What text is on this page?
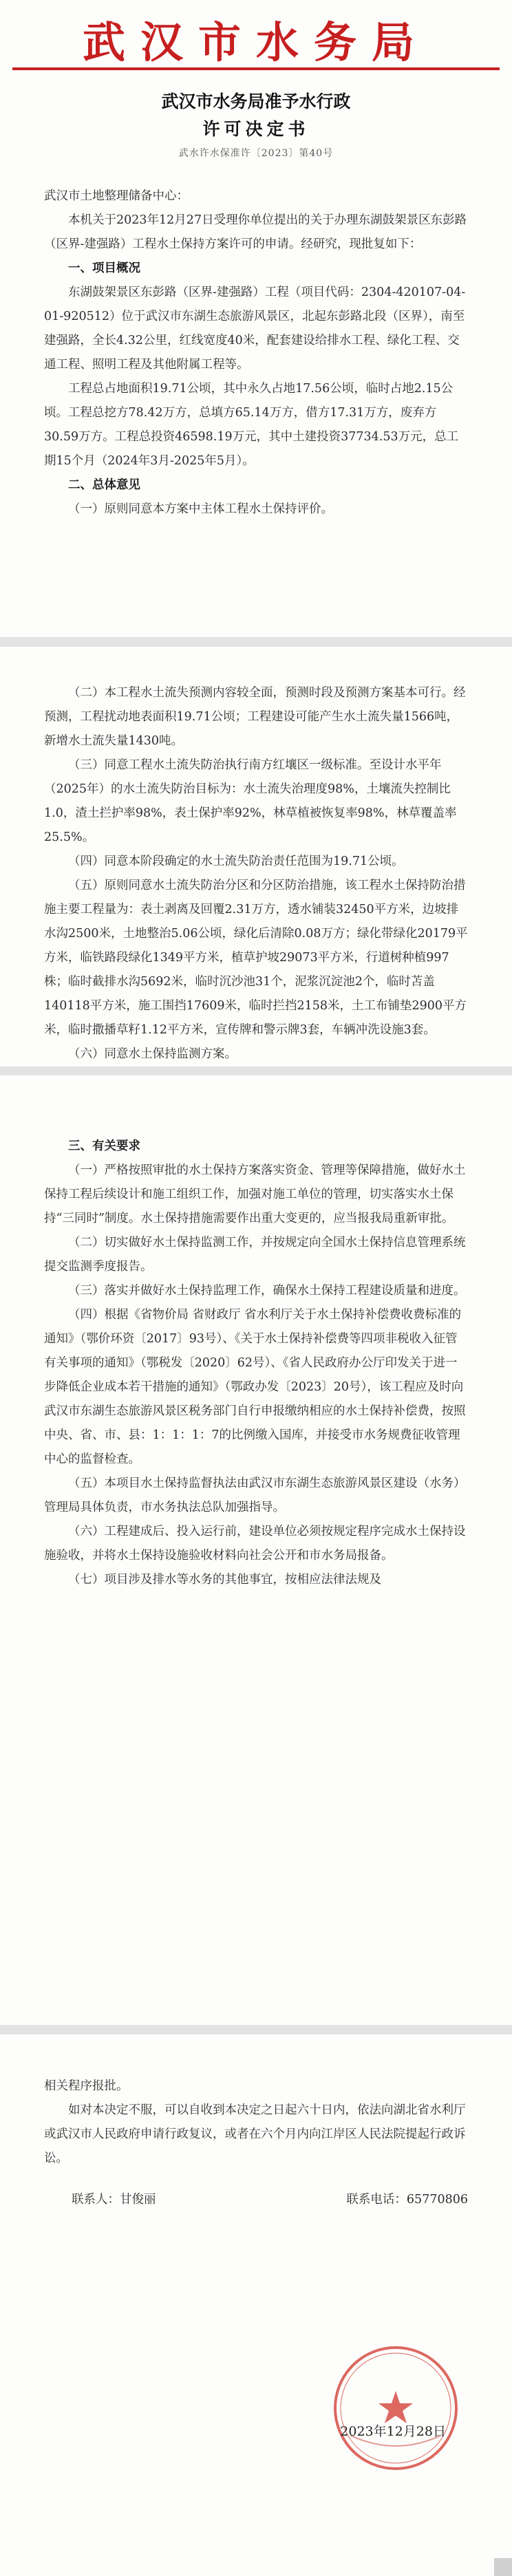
武汉市水务局
武汉市水务局准予水行政
许可决定书
武水许水保准许〔2023〕第40号

武汉市土地整理储备中心：

本机关于2023年12月27日受理你单位提出的关于办理东湖鼓架景区东彭路（区界-建强路）工程水土保持方案许可的申请。经研究，现批复如下：

一、项目概况

东湖鼓架景区东彭路（区界-建强路）工程（项目代码：2304-420107-04-01-920512）位于武汉市东湖生态旅游风景区，北起东彭路北段（区界），南至建强路，全长4.32公里，红线宽度40米，配套建设给排水工程、绿化工程、交通工程、照明工程及其他附属工程等。

工程总占地面积19.71公顷，其中永久占地17.56公顷，临时占地2.15公顷。工程总挖方78.42万方，总填方65.14万方，借方17.31万方，废弃方30.59万方。工程总投资46598.19万元，其中土建投资37734.53万元，总工期15个月（2024年3月-2025年5月）。

二、总体意见

（一）原则同意本方案中主体工程水土保持评价。

（二）本工程水土流失预测内容较全面，预测时段及预测方案基本可行。经预测，工程扰动地表面积19.71公顷；工程建设可能产生水土流失量1566吨，新增水土流失量1430吨。

（三）同意工程水土流失防治执行南方红壤区一级标准。至设计水平年（2025年）的水土流失防治目标为：水土流失治理度98%，土壤流失控制比1.0，渣土拦护率98%，表土保护率92%，林草植被恢复率98%，林草覆盖率25.5%。

（四）同意本阶段确定的水土流失防治责任范围为19.71公顷。

（五）原则同意水土流失防治分区和分区防治措施，该工程水土保持防治措施主要工程量为：表土剥离及回覆2.31万方，透水铺装32450平方米，边坡排水沟2500米，土地整治5.06公顷，绿化后清除0.08万方；绿化带绿化20179平方米，临铁路段绿化1349平方米，植草护坡29073平方米，行道树种植997株；临时截排水沟5692米，临时沉沙池31个，泥浆沉淀池2个，临时苫盖140118平方米，施工围挡17609米，临时拦挡2158米，土工布铺垫2900平方米，临时撒播草籽1.12平方米，宣传牌和警示牌3套，车辆冲洗设施3套。

（六）同意水土保持监测方案。

三、有关要求

（一）严格按照审批的水土保持方案落实资金、管理等保障措施，做好水土保持工程后续设计和施工组织工作，加强对施工单位的管理，切实落实水土保持“三同时”制度。水土保持措施需要作出重大变更的，应当报我局重新审批。

（二）切实做好水土保持监测工作，并按规定向全国水土保持信息管理系统提交监测季度报告。

（三）落实并做好水土保持监理工作，确保水土保持工程建设质量和进度。

（四）根据《省物价局 省财政厅 省水利厅关于水土保持补偿费收费标准的通知》（鄂价环资〔2017〕93号）、《关于水土保持补偿费等四项非税收入征管有关事项的通知》（鄂税发〔2020〕62号）、《省人民政府办公厅印发关于进一步降低企业成本若干措施的通知》（鄂政办发〔2023〕20号），该工程应及时向武汉市东湖生态旅游风景区税务部门自行申报缴纳相应的水土保持补偿费，按照中央、省、市、县：1：1：1：7的比例缴入国库，并接受市水务规费征收管理中心的监督检查。

（五）本项目水土保持监督执法由武汉市东湖生态旅游风景区建设（水务）管理局具体负责，市水务执法总队加强指导。

（六）工程建成后、投入运行前，建设单位必须按规定程序完成水土保持设施验收，并将水土保持设施验收材料向社会公开和市水务局报备。

（七）项目涉及排水等水务的其他事宜，按相应法律法规及

相关程序报批。

如对本决定不服，可以自收到本决定之日起六十日内，依法向湖北省水利厅或武汉市人民政府申请行政复议，或者在六个月内向江岸区人民法院提起行政诉讼。

联系人：甘俊丽	联系电话：65770806
2023年12月28日
